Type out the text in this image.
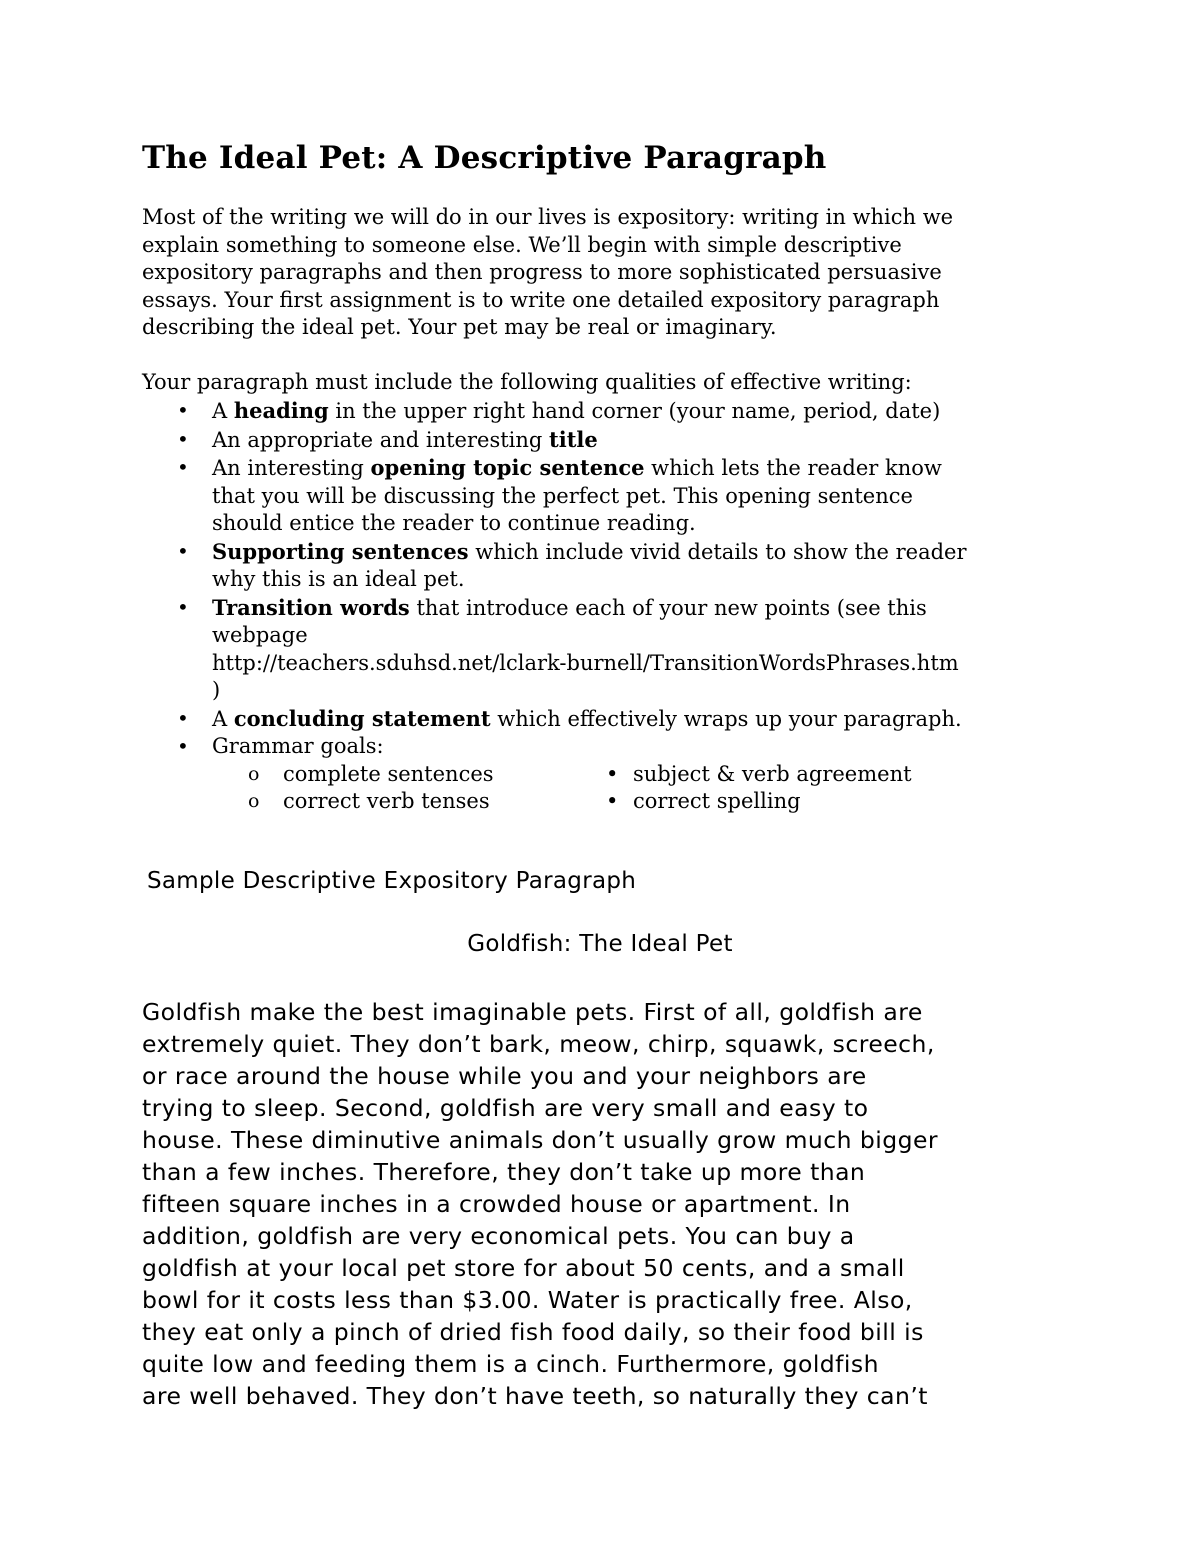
The Ideal Pet: A Descriptive Paragraph
Most of the writing we will do in our lives is expository: writing in which we
explain something to someone else. We’ll begin with simple descriptive
expository paragraphs and then progress to more sophisticated persuasive
essays. Your first assignment is to write one detailed expository paragraph
describing the ideal pet. Your pet may be real or imaginary.
Your paragraph must include the following qualities of effective writing:
• A heading in the upper right hand corner (your name, period, date)
• An appropriate and interesting title
• An interesting opening topic sentence which lets the reader know
that you will be discussing the perfect pet. This opening sentence
should entice the reader to continue reading.
• Supporting sentences which include vivid details to show the reader
why this is an ideal pet.
• Transition words that introduce each of your new points (see this
webpage
http://teachers.sduhsd.net/lclark-burnell/TransitionWordsPhrases.htm
)
• A concluding statement which effectively wraps up your paragraph.
• Grammar goals:
o complete sentences	• subject & verb agreement
o correct verb tenses	• correct spelling
Sample Descriptive Expository Paragraph
Goldfish: The Ideal Pet
Goldfish make the best imaginable pets. First of all, goldfish are
extremely quiet. They don’t bark, meow, chirp, squawk, screech,
or race around the house while you and your neighbors are
trying to sleep. Second, goldfish are very small and easy to
house. These diminutive animals don’t usually grow much bigger
than a few inches. Therefore, they don’t take up more than
fifteen square inches in a crowded house or apartment. In
addition, goldfish are very economical pets. You can buy a
goldfish at your local pet store for about 50 cents, and a small
bowl for it costs less than $3.00. Water is practically free. Also,
they eat only a pinch of dried fish food daily, so their food bill is
quite low and feeding them is a cinch. Furthermore, goldfish
are well behaved. They don’t have teeth, so naturally they can’t
